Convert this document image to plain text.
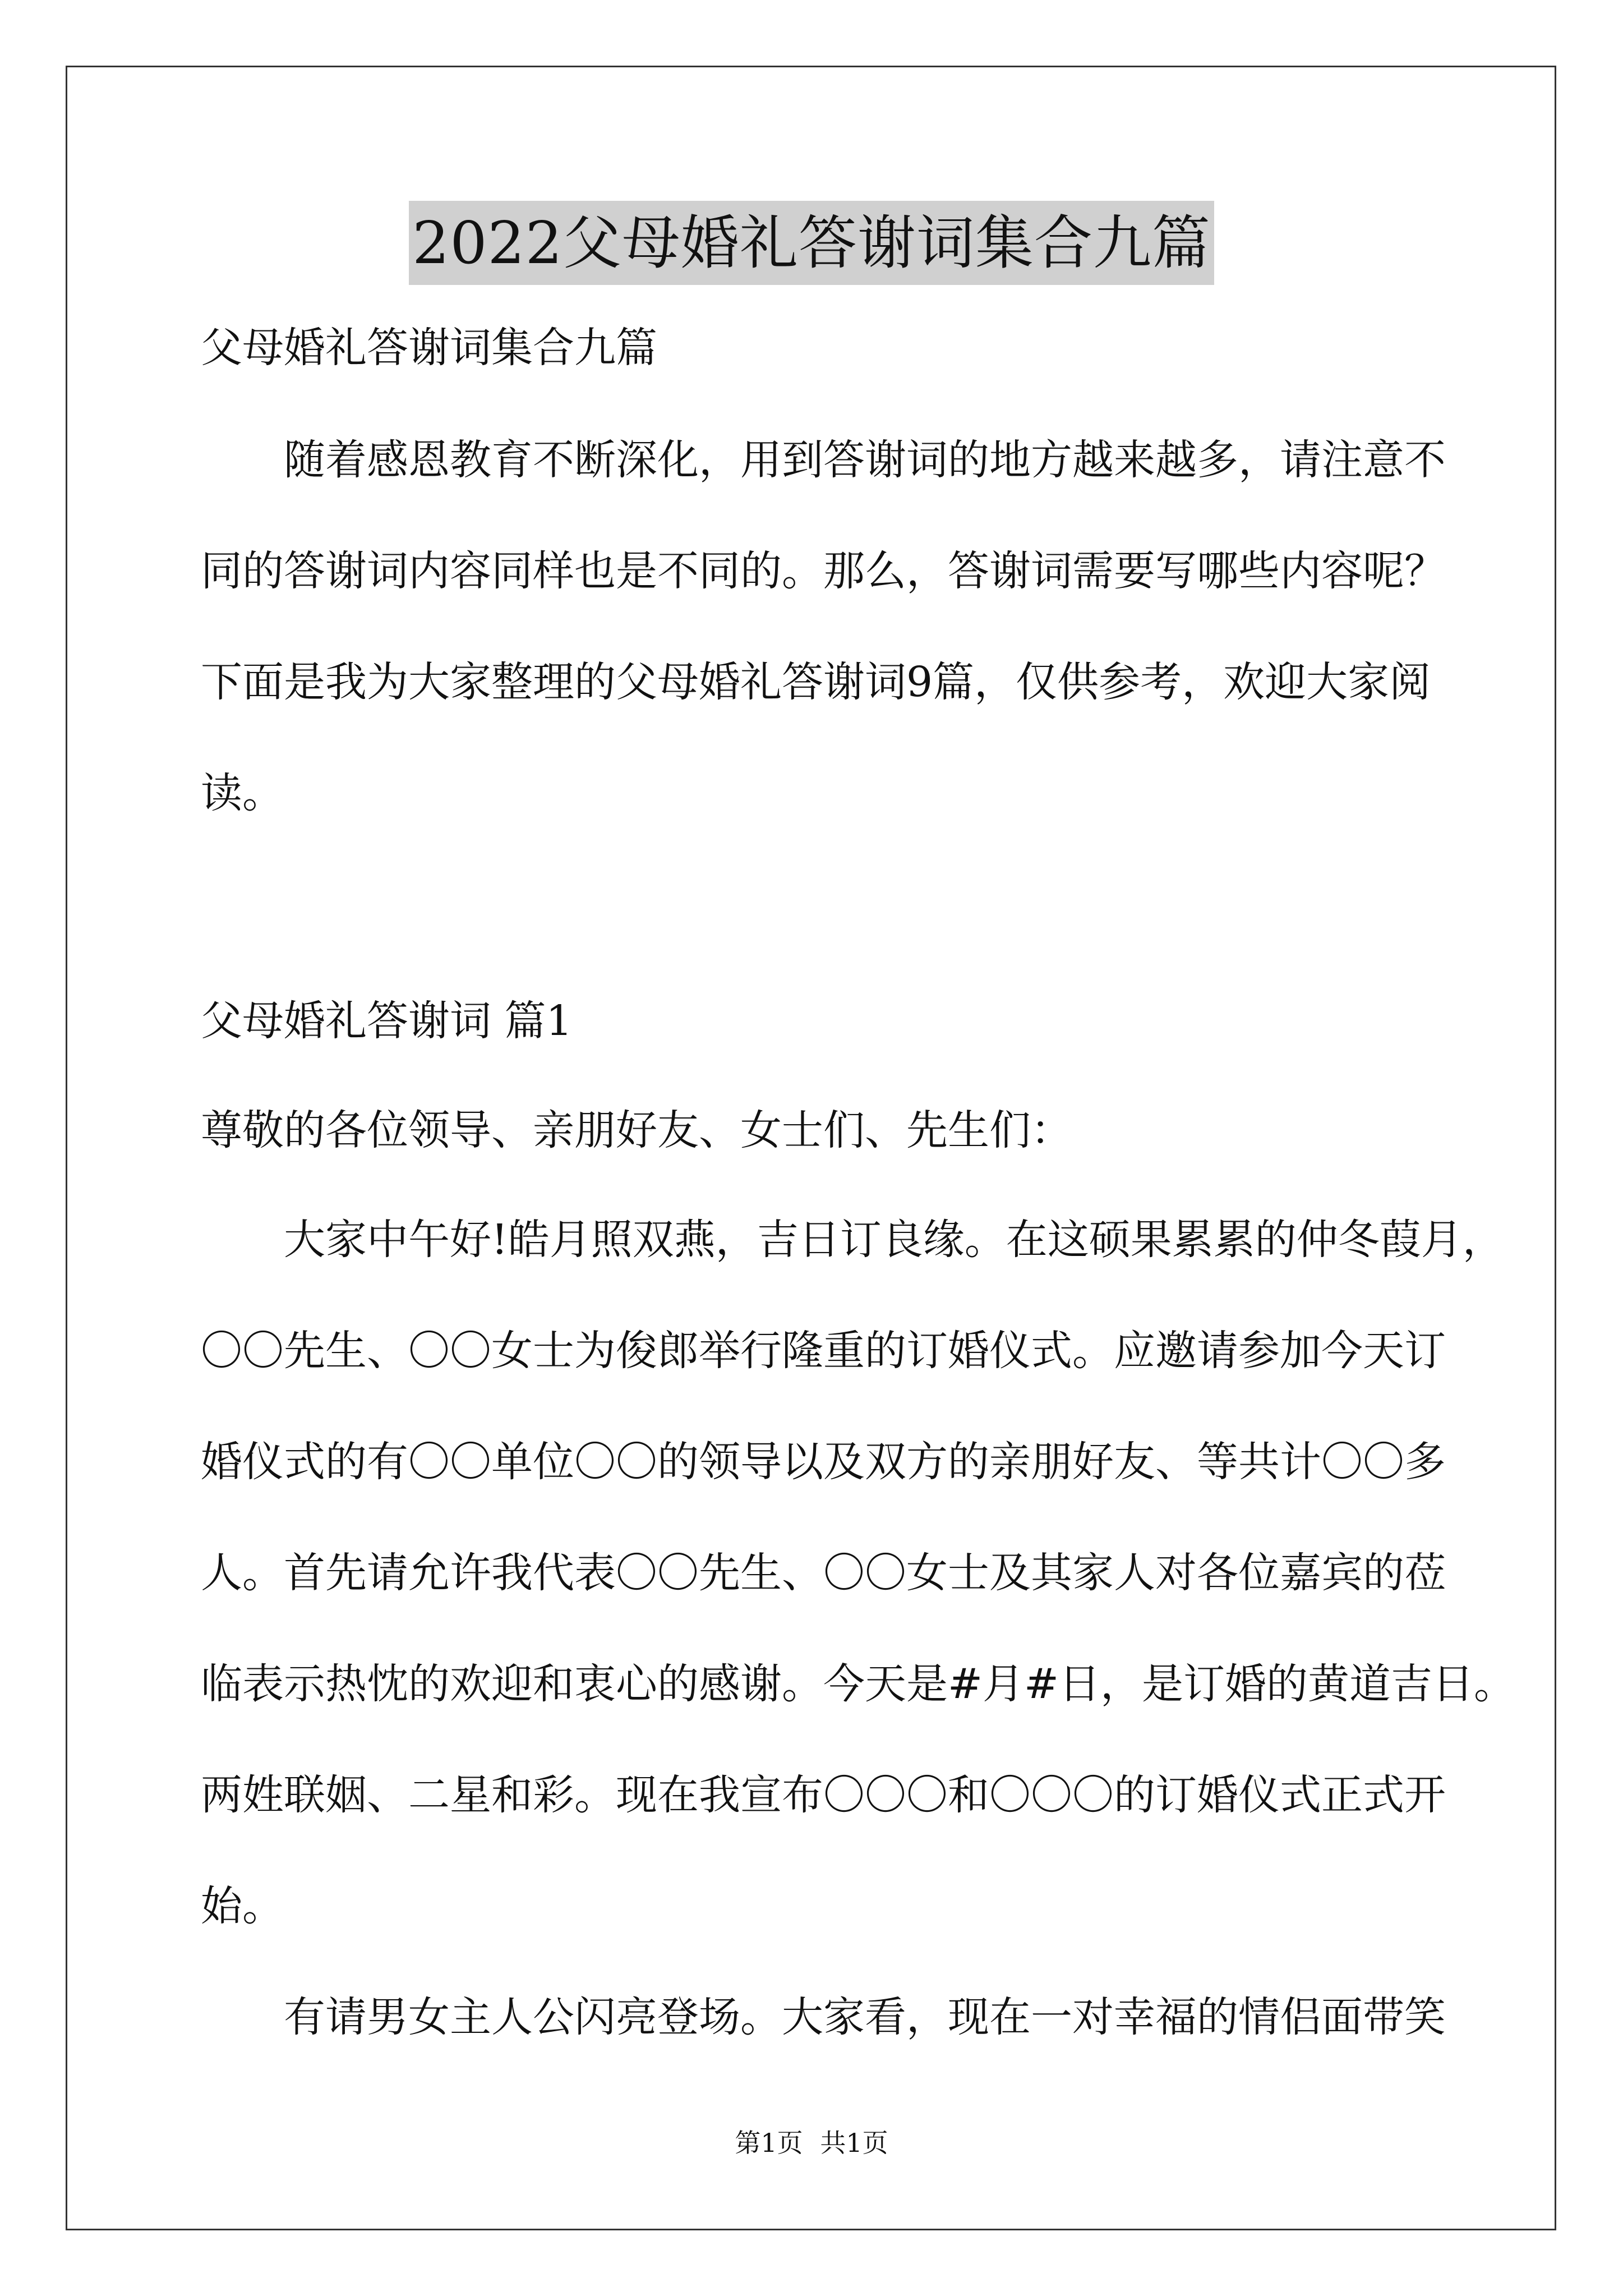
2022父母婚礼答谢词集合九篇
父母婚礼答谢词集合九篇
随着感恩教育不断深化，用到答谢词的地方越来越多，请注意不
同的答谢词内容同样也是不同的。那么，答谢词需要写哪些内容呢？
下面是我为大家整理的父母婚礼答谢词9篇，仅供参考，欢迎大家阅
读。
父母婚礼答谢词 篇1
尊敬的各位领导、亲朋好友、女士们、先生们：
大家中午好!皓月照双燕，吉日订良缘。在这硕果累累的仲冬葭月，
〇〇先生、〇〇女士为俊郎举行隆重的订婚仪式。应邀请参加今天订
婚仪式的有〇〇单位〇〇的领导以及双方的亲朋好友、等共计〇〇多
人。首先请允许我代表〇〇先生、〇〇女士及其家人对各位嘉宾的莅
临表示热忱的欢迎和衷心的感谢。今天是#月#日，是订婚的黄道吉日。
两姓联姻、二星和彩。现在我宣布〇〇〇和〇〇〇的订婚仪式正式开
始。
有请男女主人公闪亮登场。大家看，现在一对幸福的情侣面带笑
第1页 共1页
